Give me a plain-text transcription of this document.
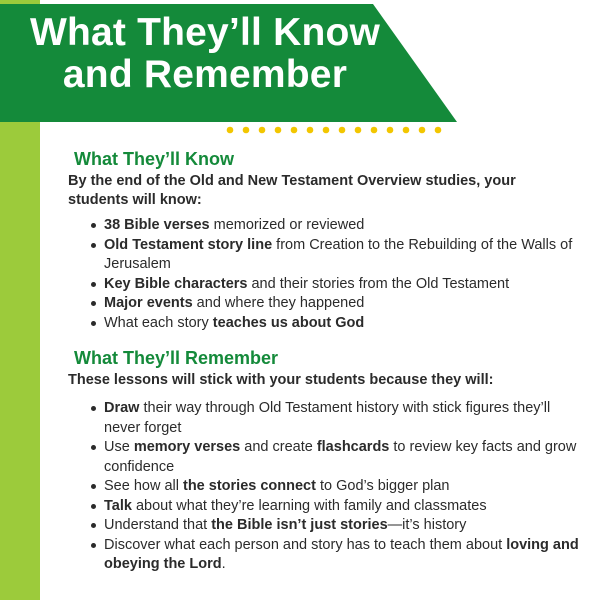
What They’ll Know
and Remember
What They’ll Know

By the end of the Old and New Testament Overview studies, your students will know:

38 Bible verses memorized or reviewed
Old Testament story line from Creation to the Rebuilding of the Walls of Jerusalem
Key Bible characters and their stories from the Old Testament
Major events and where they happened
What each story teaches us about God
What They’ll Remember

These lessons will stick with your students because they will:

Draw their way through Old Testament history with stick figures they’ll never forget
Use memory verses and create flashcards to review key facts and grow confidence
See how all the stories connect to God’s bigger plan
Talk about what they’re learning with family and classmates
Understand that the Bible isn’t just stories—it’s history
Discover what each person and story has to teach them about loving and obeying the Lord.
